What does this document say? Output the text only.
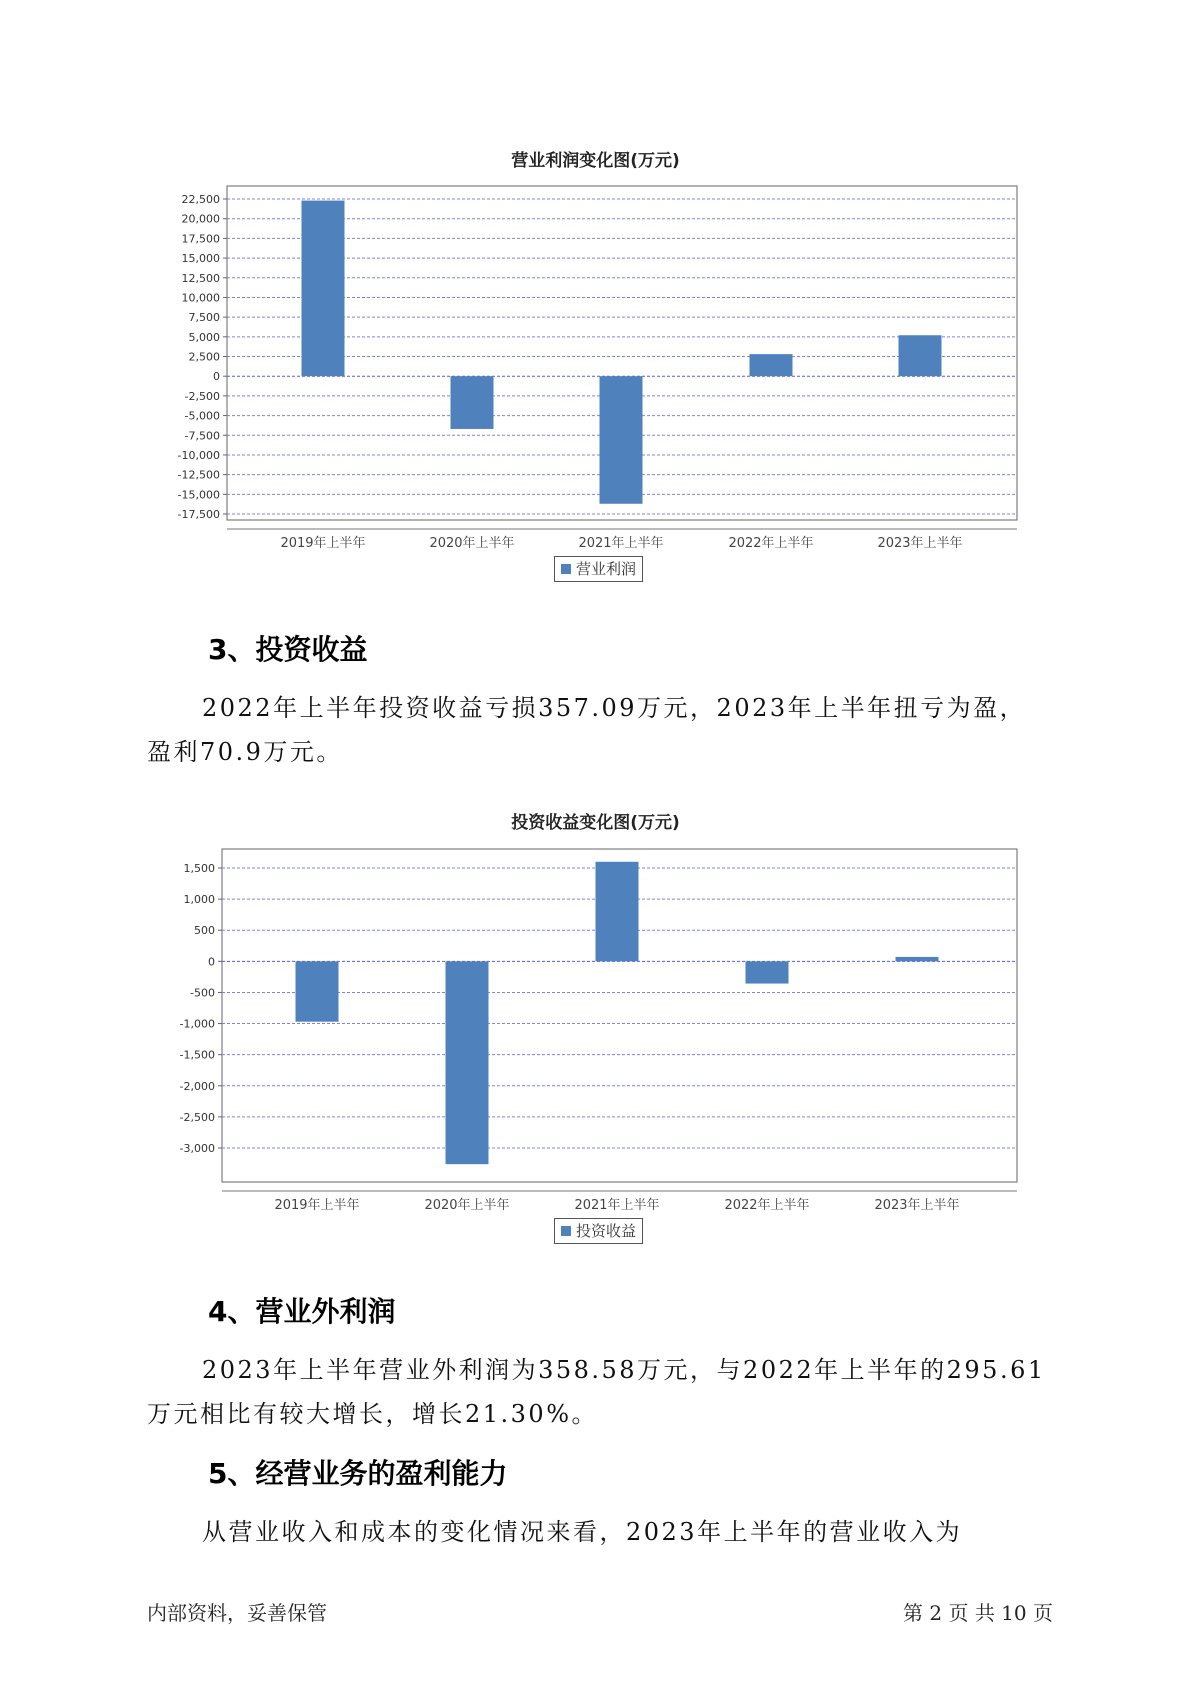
营业利润变化图(万元)
22,500
20,000
17,500
15,000
12,500
10,000
7,500
5,000
2,500
0
-2,500
-5,000
-7,500
-10,000
-12,500
-15,000
-17,500
2019年上半年	2020年上半年	2021年上半年	2022年上半年	2023年上半年
营业利润
3、投资收益

2022年上半年投资收益亏损357.09万元，2023年上半年扭亏为盈，盈利70.9万元。

投资收益变化图(万元)
1,500
1,000
500
0
-500
-1,000
-1,500
-2,000
-2,500
-3,000
2019年上半年	2020年上半年	2021年上半年	2022年上半年	2023年上半年
投资收益
4、营业外利润

2023年上半年营业外利润为358.58万元，与2022年上半年的295.61万元相比有较大增长，增长21.30%。

5、经营业务的盈利能力

从营业收入和成本的变化情况来看，2023年上半年的营业收入为

内部资料，妥善保管	第 2 页 共 10 页
